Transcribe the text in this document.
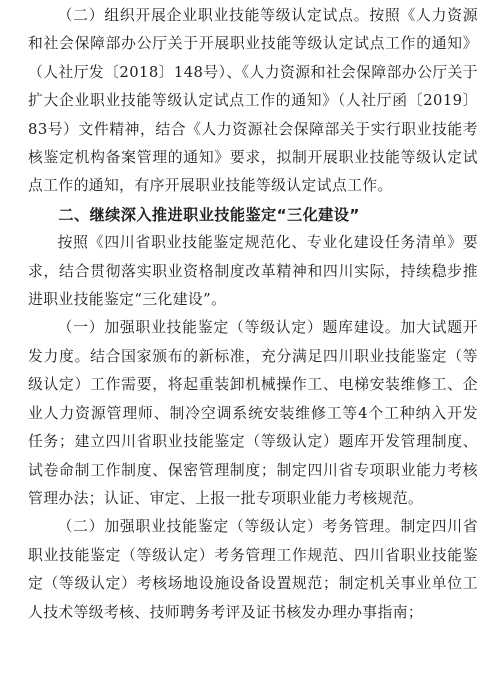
（二）组织开展企业职业技能等级认定试点。按照《人力资源和社会保障部办公厅关于开展职业技能等级认定试点工作的通知》（人社厅发〔2018〕148号）、《人力资源和社会保障部办公厅关于扩大企业职业技能等级认定试点工作的通知》（人社厅函〔2019〕83号）文件精神，结合《人力资源社会保障部关于实行职业技能考核鉴定机构备案管理的通知》要求，拟制开展职业技能等级认定试点工作的通知，有序开展职业技能等级认定试点工作。

二、继续深入推进职业技能鉴定“三化建设”

按照《四川省职业技能鉴定规范化、专业化建设任务清单》要求，结合贯彻落实职业资格制度改革精神和四川实际，持续稳步推进职业技能鉴定“三化建设”。

（一）加强职业技能鉴定（等级认定）题库建设。加大试题开发力度。结合国家颁布的新标准，充分满足四川职业技能鉴定（等级认定）工作需要，将起重装卸机械操作工、电梯安装维修工、企业人力资源管理师、制冷空调系统安装维修工等4个工种纳入开发任务；建立四川省职业技能鉴定（等级认定）题库开发管理制度、试卷命制工作制度、保密管理制度；制定四川省专项职业能力考核管理办法；认证、审定、上报一批专项职业能力考核规范。

（二）加强职业技能鉴定（等级认定）考务管理。制定四川省职业技能鉴定（等级认定）考务管理工作规范、四川省职业技能鉴定（等级认定）考核场地设施设备设置规范；制定机关事业单位工人技术等级考核、技师聘务考评及证书核发办理办事指南；
